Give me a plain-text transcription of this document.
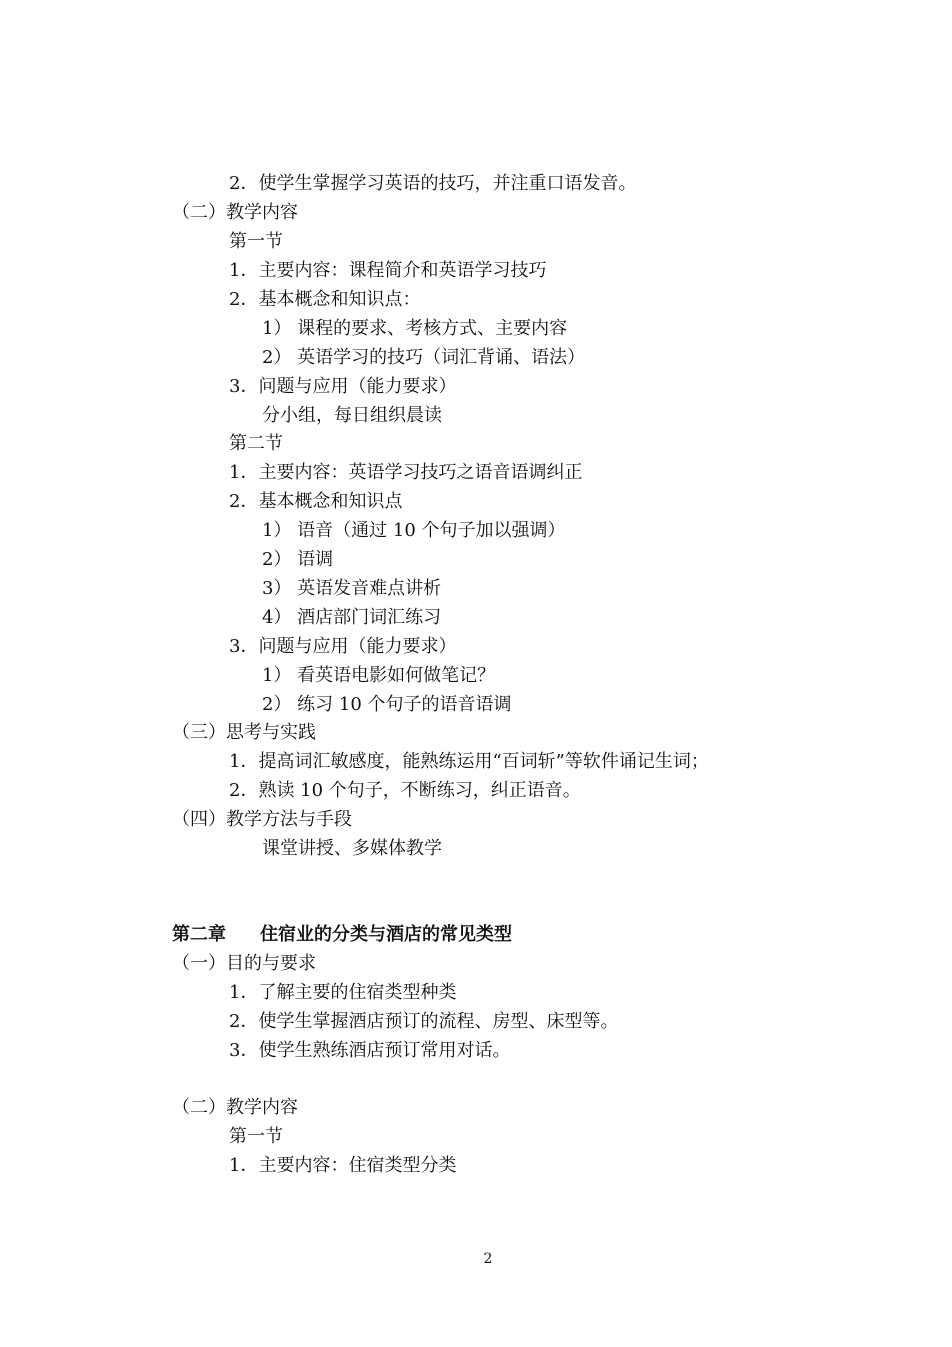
2．使学生掌握学习英语的技巧，并注重口语发音。
（二）教学内容
第一节
1．主要内容：课程简介和英语学习技巧
2．基本概念和知识点：
1） 课程的要求、考核方式、主要内容
2） 英语学习的技巧（词汇背诵、语法）
3．问题与应用（能力要求）
分小组，每日组织晨读
第二节
1．主要内容：英语学习技巧之语音语调纠正
2．基本概念和知识点
1） 语音（通过 10 个句子加以强调）
2） 语调
3） 英语发音难点讲析
4） 酒店部门词汇练习
3．问题与应用（能力要求）
1） 看英语电影如何做笔记？
2） 练习 10 个句子的语音语调
（三）思考与实践
1．提高词汇敏感度，能熟练运用“百词斩”等软件诵记生词；
2．熟读 10 个句子，不断练习，纠正语音。
（四）教学方法与手段
课堂讲授、多媒体教学
第二章 住宿业的分类与酒店的常见类型
（一）目的与要求
1．了解主要的住宿类型种类
2．使学生掌握酒店预订的流程、房型、床型等。
3．使学生熟练酒店预订常用对话。
（二）教学内容
第一节
1．主要内容：住宿类型分类
2
